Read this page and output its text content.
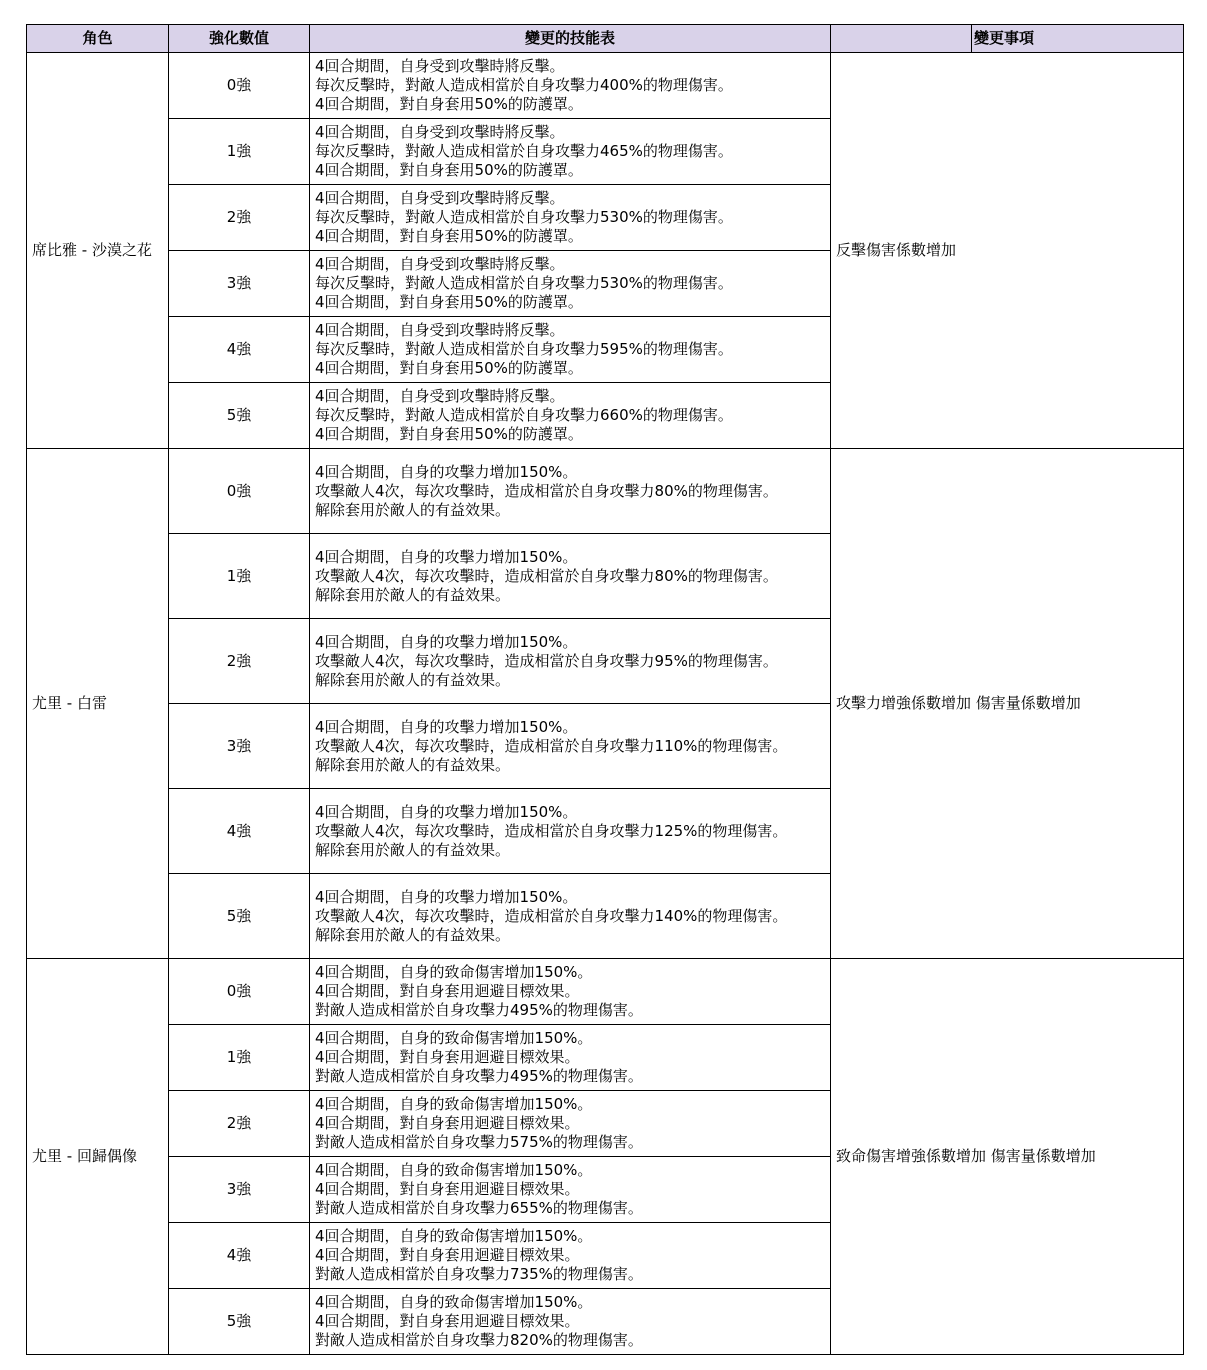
角色	強化數值	變更的技能表		變更事項
席比雅 - 沙漠之花	0強	4回合期間，自身受到攻擊時將反擊。
每次反擊時，對敵人造成相當於自身攻擊力400%的物理傷害。
4回合期間，對自身套用50%的防護罩。	反擊傷害係數增加	
	1強	4回合期間，自身受到攻擊時將反擊。
每次反擊時，對敵人造成相當於自身攻擊力465%的物理傷害。
4回合期間，對自身套用50%的防護罩。		

	2強	4回合期間，自身受到攻擊時將反擊。
每次反擊時，對敵人造成相當於自身攻擊力530%的物理傷害。
4回合期間，對自身套用50%的防護罩。		

	3強	4回合期間，自身受到攻擊時將反擊。
每次反擊時，對敵人造成相當於自身攻擊力530%的物理傷害。
4回合期間，對自身套用50%的防護罩。		

	4強	4回合期間，自身受到攻擊時將反擊。
每次反擊時，對敵人造成相當於自身攻擊力595%的物理傷害。
4回合期間，對自身套用50%的防護罩。		

	5強	4回合期間，自身受到攻擊時將反擊。
每次反擊時，對敵人造成相當於自身攻擊力660%的物理傷害。
4回合期間，對自身套用50%的防護罩。		

尤里 - 白雷	0強	4回合期間，自身的攻擊力增加150%。
攻擊敵人4次，每次攻擊時，造成相當於自身攻擊力80%的物理傷害。
解除套用於敵人的有益效果。	攻擊力增強係數增加 傷害量係數增加	
	1強	4回合期間，自身的攻擊力增加150%。
攻擊敵人4次，每次攻擊時，造成相當於自身攻擊力80%的物理傷害。
解除套用於敵人的有益效果。		

	2強	4回合期間，自身的攻擊力增加150%。
攻擊敵人4次，每次攻擊時，造成相當於自身攻擊力95%的物理傷害。
解除套用於敵人的有益效果。		

	3強	4回合期間，自身的攻擊力增加150%。
攻擊敵人4次，每次攻擊時，造成相當於自身攻擊力110%的物理傷害。
解除套用於敵人的有益效果。		

	4強	4回合期間，自身的攻擊力增加150%。
攻擊敵人4次，每次攻擊時，造成相當於自身攻擊力125%的物理傷害。
解除套用於敵人的有益效果。		

	5強	4回合期間，自身的攻擊力增加150%。
攻擊敵人4次，每次攻擊時，造成相當於自身攻擊力140%的物理傷害。
解除套用於敵人的有益效果。		

尤里 - 回歸偶像	0強	4回合期間，自身的致命傷害增加150%。
4回合期間，對自身套用迴避目標效果。
對敵人造成相當於自身攻擊力495%的物理傷害。	致命傷害增強係數增加 傷害量係數增加	
	1強	4回合期間，自身的致命傷害增加150%。
4回合期間，對自身套用迴避目標效果。
對敵人造成相當於自身攻擊力495%的物理傷害。		

	2強	4回合期間，自身的致命傷害增加150%。
4回合期間，對自身套用迴避目標效果。
對敵人造成相當於自身攻擊力575%的物理傷害。		

	3強	4回合期間，自身的致命傷害增加150%。
4回合期間，對自身套用迴避目標效果。
對敵人造成相當於自身攻擊力655%的物理傷害。		

	4強	4回合期間，自身的致命傷害增加150%。
4回合期間，對自身套用迴避目標效果。
對敵人造成相當於自身攻擊力735%的物理傷害。		

	5強	4回合期間，自身的致命傷害增加150%。
4回合期間，對自身套用迴避目標效果。
對敵人造成相當於自身攻擊力820%的物理傷害。		
